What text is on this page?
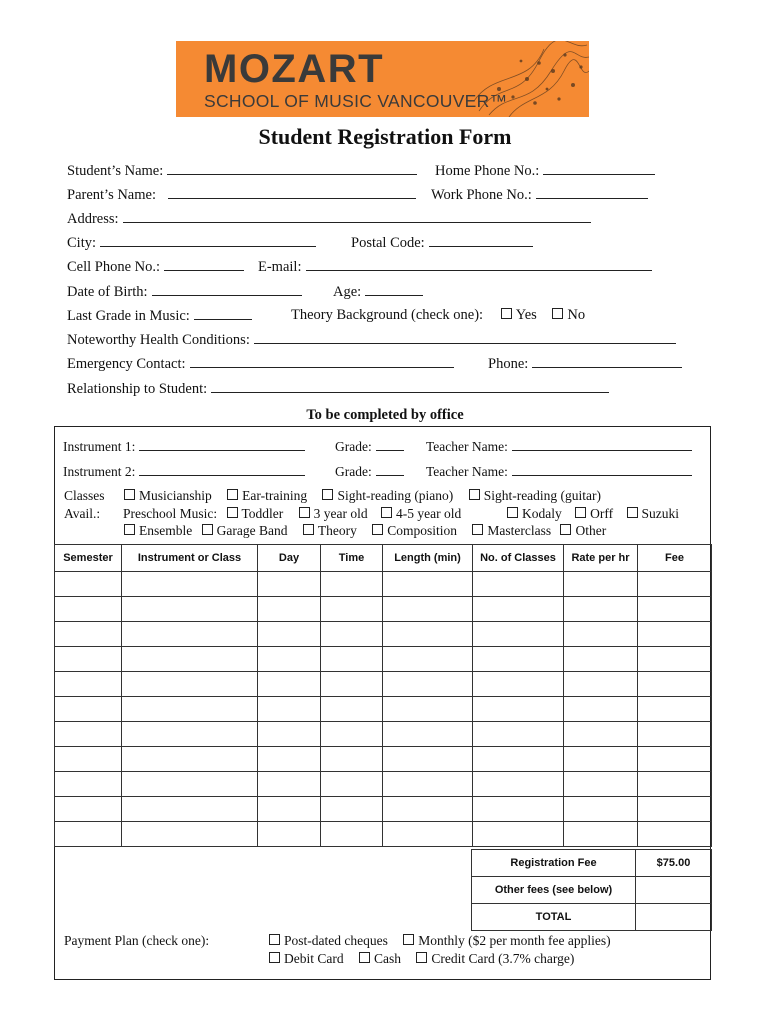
MOZART
SCHOOL OF MUSIC VANCOUVER™
Student Registration Form
Student’s Name:	Home Phone No.:
Parent’s Name:	Work Phone No.:
Address:
City:	Postal Code:
Cell Phone No.:	E-mail:
Date of Birth:	Age:
Last Grade in Music:	Theory Background (check one): Yes No
Noteworthy Health Conditions:
Emergency Contact:	Phone:
Relationship to Student:
To be completed by office
Instrument 1:	Grade:	Teacher Name:
Instrument 2:	Grade:	Teacher Name:
Classes
Avail.:
Musicianship Ear-training Sight-reading (piano) Sight-reading (guitar)
Preschool Music: Toddler 3 year old 4-5 year old	Kodaly Orff Suzuki
Ensemble Garage Band Theory Composition Masterclass Other
Semester	Instrument or Class	Day	Time	Length (min)	No. of Classes	Rate per hr	Fee

Registration Fee	$75.00
Other fees (see below)	
TOTAL	
Payment Plan (check one):	Post-dated cheques Monthly ($2 per month fee applies)
Debit Card Cash Credit Card (3.7% charge)
